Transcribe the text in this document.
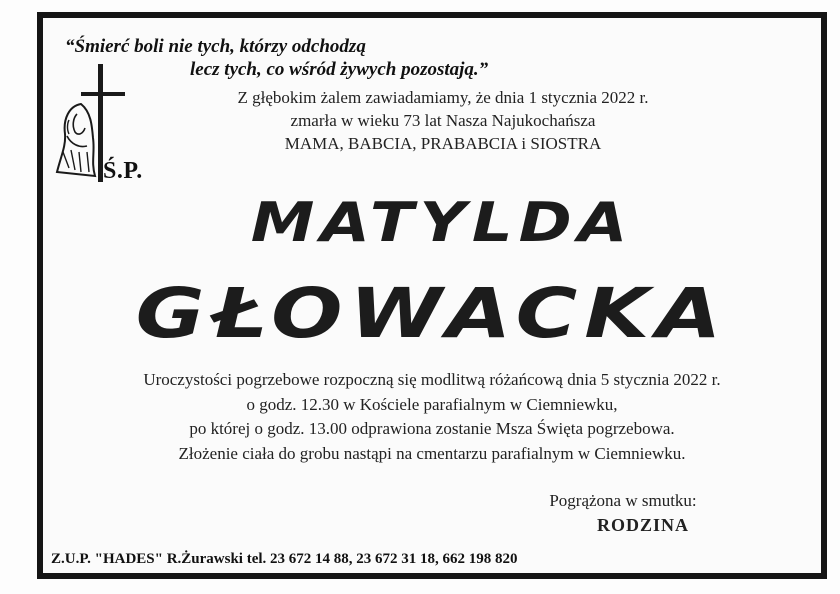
“Śmierć boli nie tych, którzy odchodzą
lecz tych, co wśród żywych pozostają.”
Ś.P.
Z głębokim żalem zawiadamiamy, że dnia 1 stycznia 2022 r.
zmarła w wieku 73 lat Nasza Najukochańsza
MAMA, BABCIA, PRABABCIA i SIOSTRA
MATYLDA
GŁOWACKA
Uroczystości pogrzebowe rozpoczną się modlitwą różańcową dnia 5 stycznia 2022 r.
o godz. 12.30 w Kościele parafialnym w Ciemniewku,
po której o godz. 13.00 odprawiona zostanie Msza Święta pogrzebowa.
Złożenie ciała do grobu nastąpi na cmentarzu parafialnym w Ciemniewku.
Pogrążona w smutku:
RODZINA
Z.U.P. "HADES" R.Żurawski tel. 23 672 14 88, 23 672 31 18, 662 198 820
